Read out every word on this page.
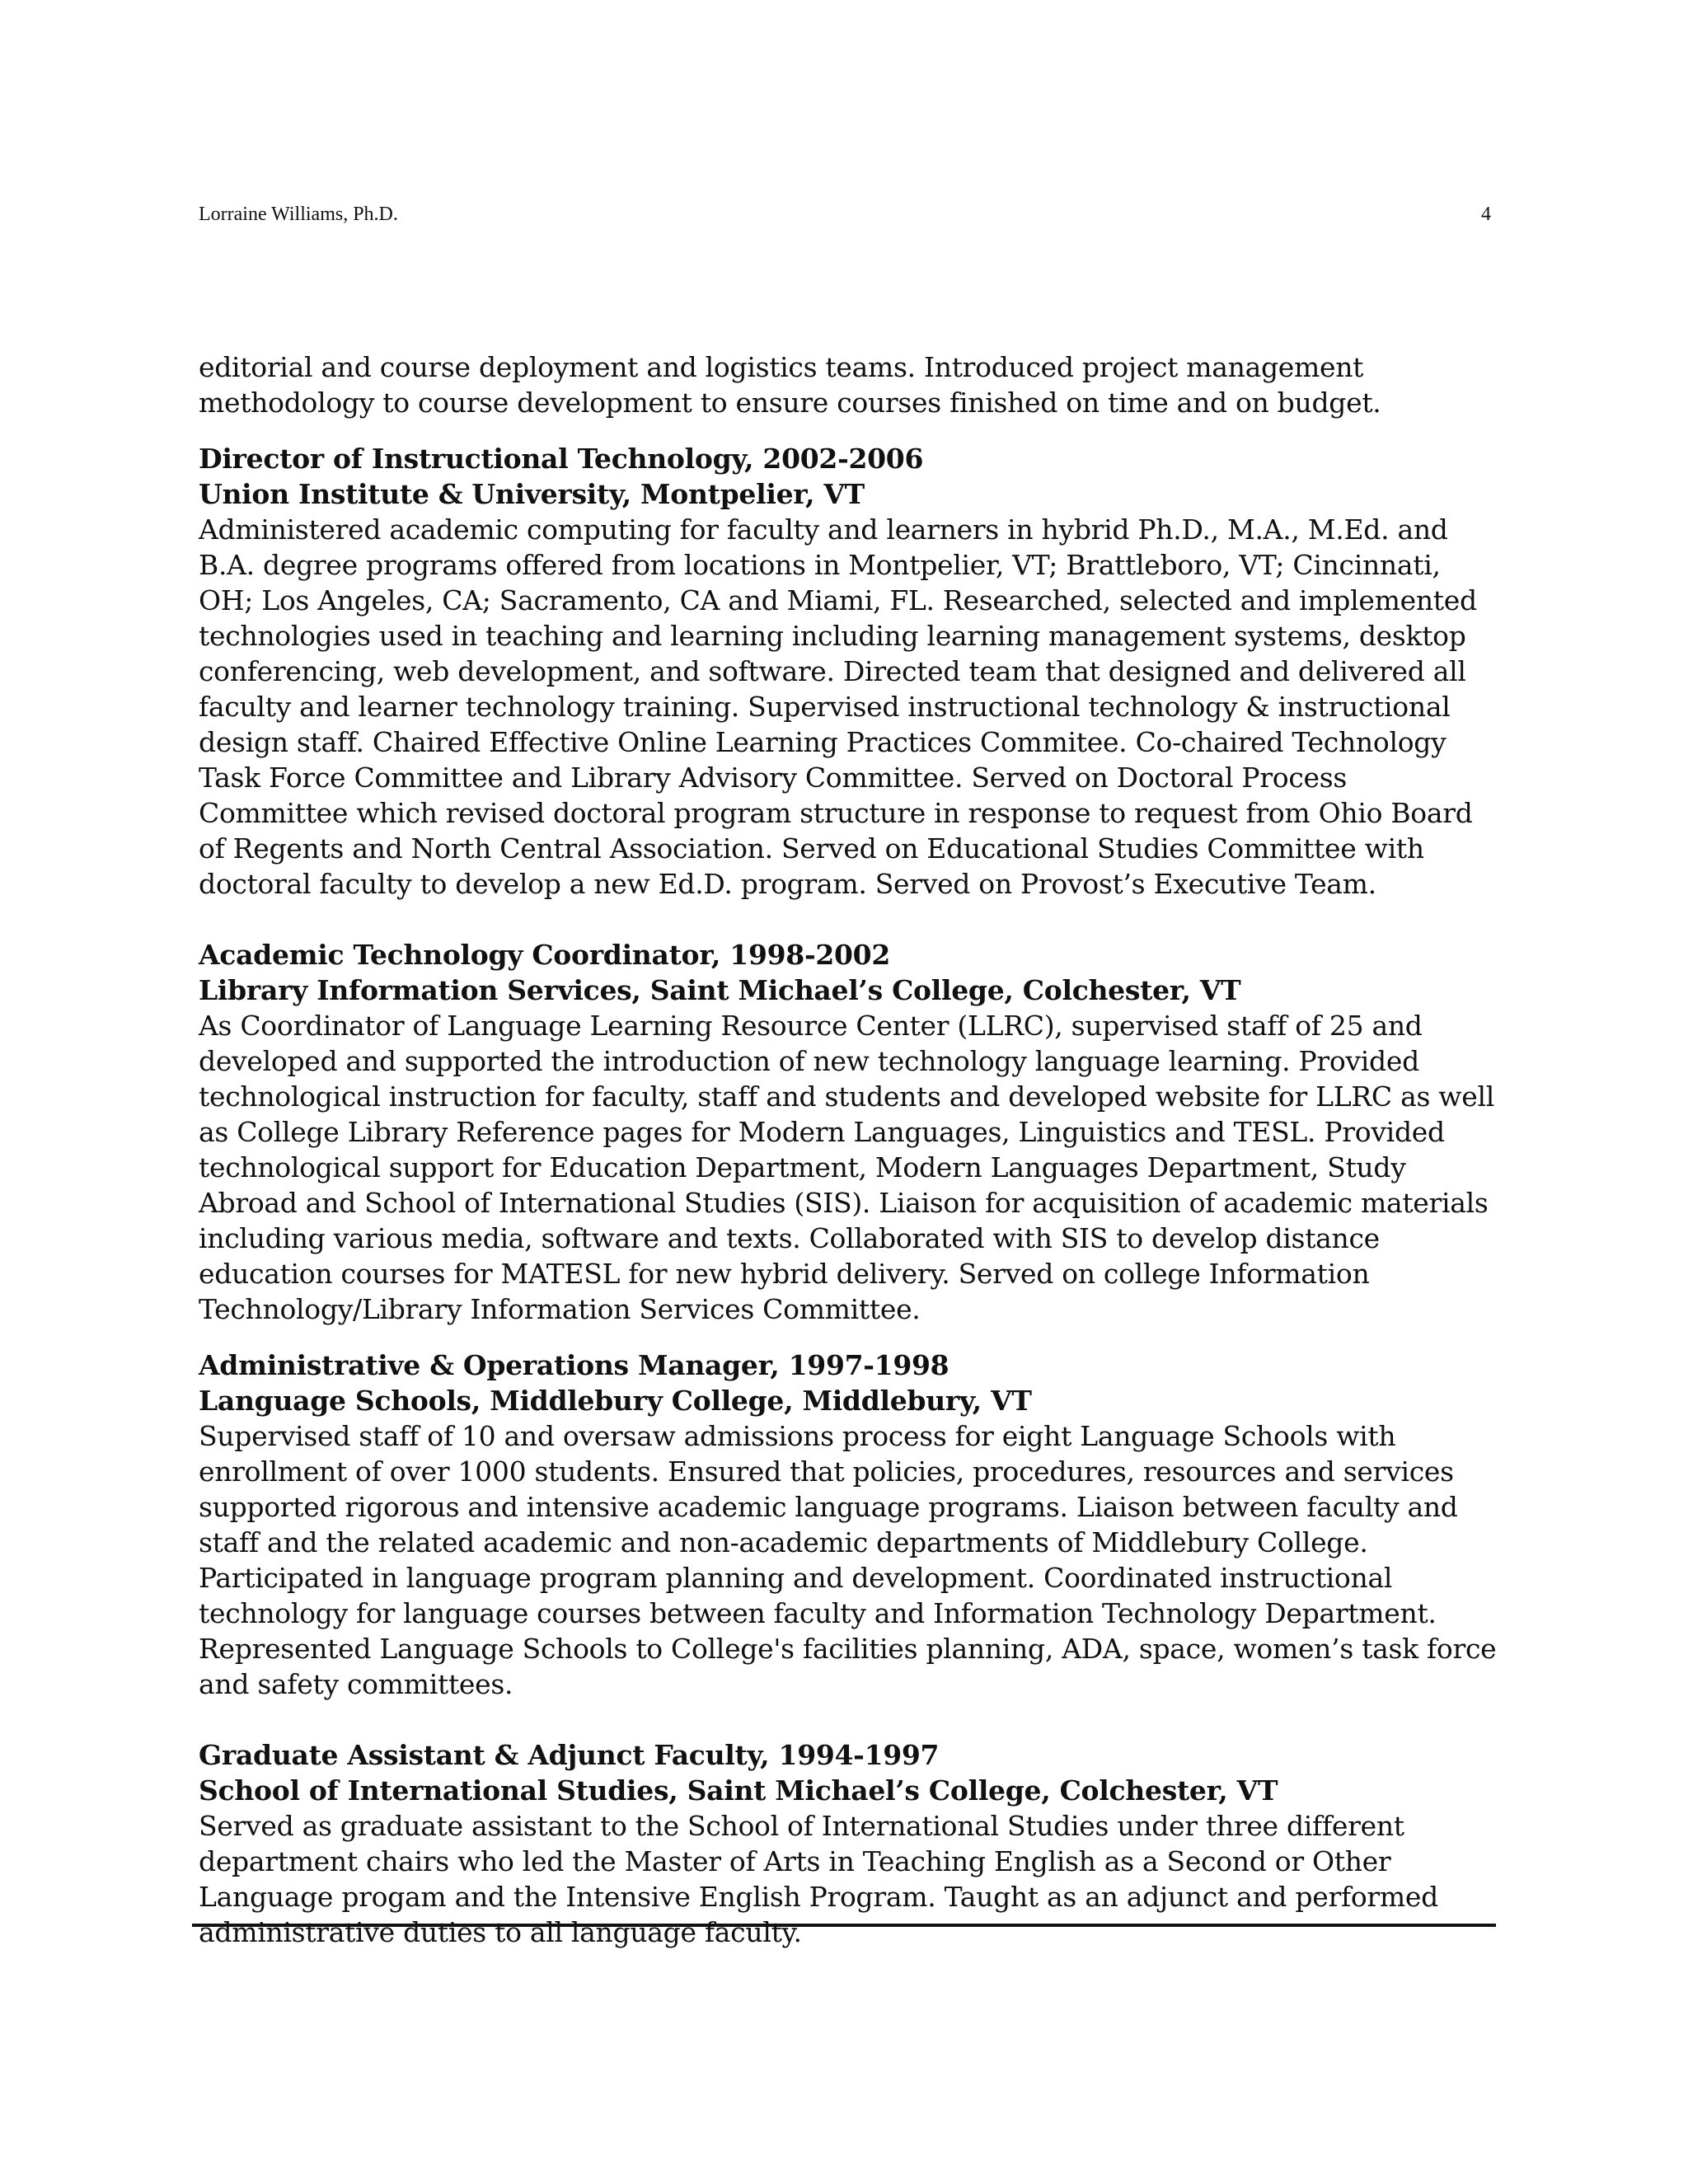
Lorraine Williams, Ph.D.	4

editorial and course deployment and logistics teams. Introduced project management methodology to course development to ensure courses finished on time and on budget.

Director of Instructional Technology, 2002-2006

Union Institute & University, Montpelier, VT

Administered academic computing for faculty and learners in hybrid Ph.D., M.A., M.Ed. and B.A. degree programs offered from locations in Montpelier, VT; Brattleboro, VT; Cincinnati, OH; Los Angeles, CA; Sacramento, CA and Miami, FL. Researched, selected and implemented technologies used in teaching and learning including learning management systems, desktop conferencing, web development, and software. Directed team that designed and delivered all faculty and learner technology training. Supervised instructional technology & instructional design staff. Chaired Effective Online Learning Practices Commitee. Co-chaired Technology Task Force Committee and Library Advisory Committee. Served on Doctoral Process Committee which revised doctoral program structure in response to request from Ohio Board of Regents and North Central Association. Served on Educational Studies Committee with doctoral faculty to develop a new Ed.D. program. Served on Provost’s Executive Team.

Academic Technology Coordinator, 1998-2002

Library Information Services, Saint Michael’s College, Colchester, VT

As Coordinator of Language Learning Resource Center (LLRC), supervised staff of 25 and developed and supported the introduction of new technology language learning. Provided technological instruction for faculty, staff and students and developed website for LLRC as well as College Library Reference pages for Modern Languages, Linguistics and TESL. Provided technological support for Education Department, Modern Languages Department, Study Abroad and School of International Studies (SIS). Liaison for acquisition of academic materials including various media, software and texts. Collaborated with SIS to develop distance education courses for MATESL for new hybrid delivery. Served on college Information Technology/Library Information Services Committee.

Administrative & Operations Manager, 1997-1998

Language Schools, Middlebury College, Middlebury, VT

Supervised staff of 10 and oversaw admissions process for eight Language Schools with enrollment of over 1000 students. Ensured that policies, procedures, resources and services supported rigorous and intensive academic language programs. Liaison between faculty and staff and the related academic and non-academic departments of Middlebury College. Participated in language program planning and development. Coordinated instructional technology for language courses between faculty and Information Technology Department. Represented Language Schools to College's facilities planning, ADA, space, women’s task force and safety committees.

Graduate Assistant & Adjunct Faculty, 1994-1997

School of International Studies, Saint Michael’s College, Colchester, VT

Served as graduate assistant to the School of International Studies under three different department chairs who led the Master of Arts in Teaching English as a Second or Other Language progam and the Intensive English Program. Taught as an adjunct and performed administrative duties to all language faculty.
